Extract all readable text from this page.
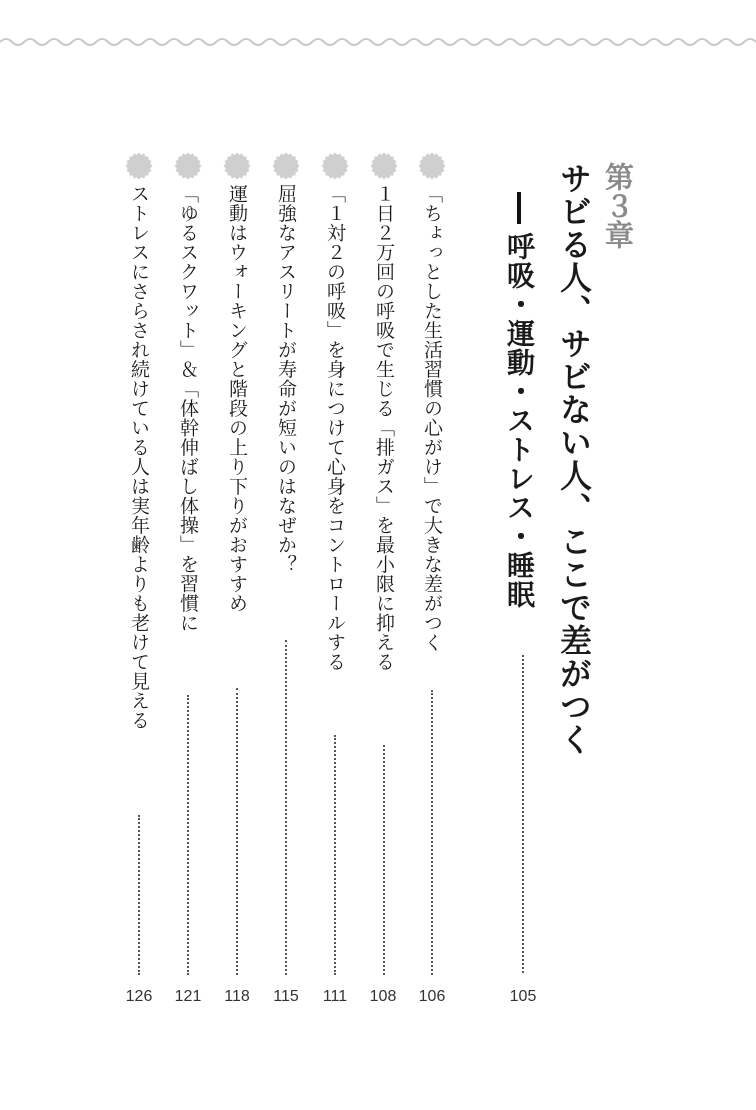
第３章
サビる人、サビない人、ここで差がつく
呼吸・運動・ストレス・睡眠
105
「ちょっとした生活習慣の心がけ」で大きな差がつく
106
１日２万回の呼吸で生じる「排ガス」を最小限に抑える
108
「１対２の呼吸」を身につけて心身をコントロールする
111
屈強なアスリートが寿命が短いのはなぜか？
115
運動はウォーキングと階段の上り下りがおすすめ
118
「ゆるスクワット」＆「体幹伸ばし体操」を習慣に
121
ストレスにさらされ続けている人は実年齢よりも老けて見える
126
